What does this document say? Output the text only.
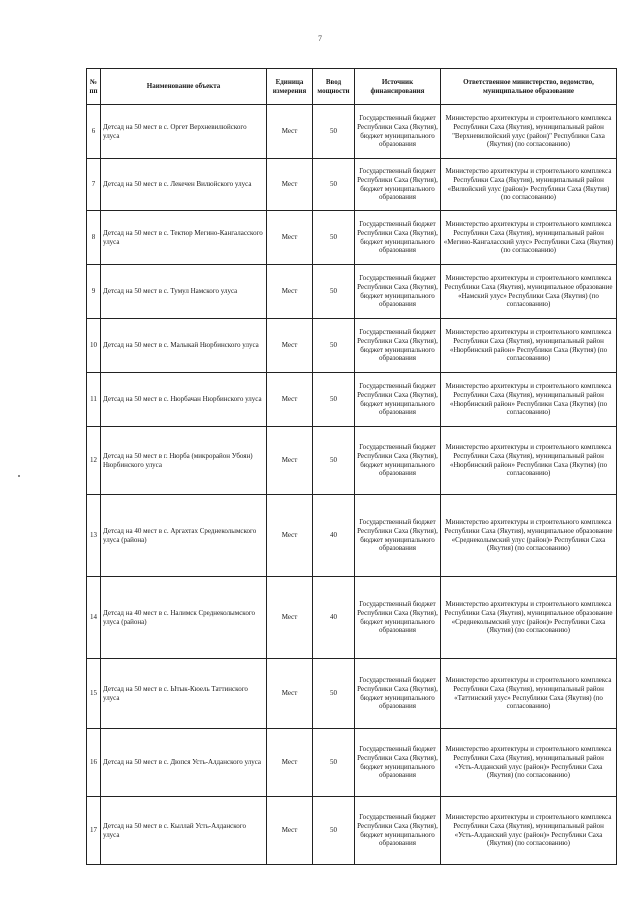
7
№ пп	Наименование объекта	Единица измерения	Ввод мощности	Источник финансирования	Ответственное министерство, ведомство, муниципальное образование
6	Детсад на 50 мест в с. Оргет Верхневилюйского улуса	Мест	50	Государственный бюджет Республики Саха (Якутия), бюджет муниципального образования	Министерство архитектуры и строительного комплекса Республики Саха (Якутия), муниципальный район "Верхневилюйский улус (район)" Республики Саха (Якутия) (по согласованию)
7	Детсад на 50 мест в с. Лекечен Вилюйского улуса	Мест	50	Государственный бюджет Республики Саха (Якутия), бюджет муниципального образования	Министерство архитектуры и строительного комплекса Республики Саха (Якутия), муниципальный район «Вилюйский улус (район)» Республики Саха (Якутия) (по согласованию)
8	Детсад на 50 мест в с. Тектюр Мегино-Кангаласского улуса	Мест	50	Государственный бюджет Республики Саха (Якутия), бюджет муниципального образования	Министерство архитектуры и строительного комплекса Республики Саха (Якутия), муниципальный район «Мегино-Кангаласский улус» Республики Саха (Якутия) (по согласованию)
9	Детсад на 50 мест в с. Тумул Намского улуса	Мест	50	Государственный бюджет Республики Саха (Якутия), бюджет муниципального образования	Министерство архитектуры и строительного комплекса Республики Саха (Якутия), муниципальное образование «Намский улус» Республики Саха (Якутия) (по согласованию)
10	Детсад на 50 мест в с. Малыкай Нюрбинского улуса	Мест	50	Государственный бюджет Республики Саха (Якутия), бюджет муниципального образования	Министерство архитектуры и строительного комплекса Республики Саха (Якутия), муниципальный район «Нюрбинский район» Республики Саха (Якутия) (по согласованию)
11	Детсад на 50 мест в с. Нюрбачан Нюрбинского улуса	Мест	50	Государственный бюджет Республики Саха (Якутия), бюджет муниципального образования	Министерство архитектуры и строительного комплекса Республики Саха (Якутия), муниципальный район «Нюрбинский район» Республики Саха (Якутия) (по согласованию)
12	Детсад на 50 мест в г. Нюрба (микрорайон Убоян) Нюрбинского улуса	Мест	50	Государственный бюджет Республики Саха (Якутия), бюджет муниципального образования	Министерство архитектуры и строительного комплекса Республики Саха (Якутия), муниципальный район «Нюрбинский район» Республики Саха (Якутия) (по согласованию)
13	Детсад на 40 мест в с. Аргахтах Среднеколымского улуса (района)	Мест	40	Государственный бюджет Республики Саха (Якутия), бюджет муниципального образования	Министерство архитектуры и строительного комплекса Республики Саха (Якутия), муниципальное образование «Среднеколымский улус (район)» Республики Саха (Якутия) (по согласованию)
14	Детсад на 40 мест в с. Налимск Среднеколымского улуса (района)	Мест	40	Государственный бюджет Республики Саха (Якутия), бюджет муниципального образования	Министерство архитектуры и строительного комплекса Республики Саха (Якутия), муниципальное образование «Среднеколымский улус (район)» Республики Саха (Якутия) (по согласованию)
15	Детсад на 50 мест в с. Ытык-Кюель Таттинского улуса	Мест	50	Государственный бюджет Республики Саха (Якутия), бюджет муниципального образования	Министерство архитектуры и строительного комплекса Республики Саха (Якутия), муниципальный район «Таттинский улус» Республики Саха (Якутия) (по согласованию)
16	Детсад на 50 мест в с. Дюпся Усть-Алданского улуса	Мест	50	Государственный бюджет Республики Саха (Якутия), бюджет муниципального образования	Министерство архитектуры и строительного комплекса Республики Саха (Якутия), муниципальный район «Усть-Алданский улус (район)» Республики Саха (Якутия) (по согласованию)
17	Детсад на 50 мест в с. Кыллай Усть-Алданского улуса	Мест	50	Государственный бюджет Республики Саха (Якутия), бюджет муниципального образования	Министерство архитектуры и строительного комплекса Республики Саха (Якутия), муниципальный район «Усть-Алданский улус (район)» Республики Саха (Якутия) (по согласованию)
